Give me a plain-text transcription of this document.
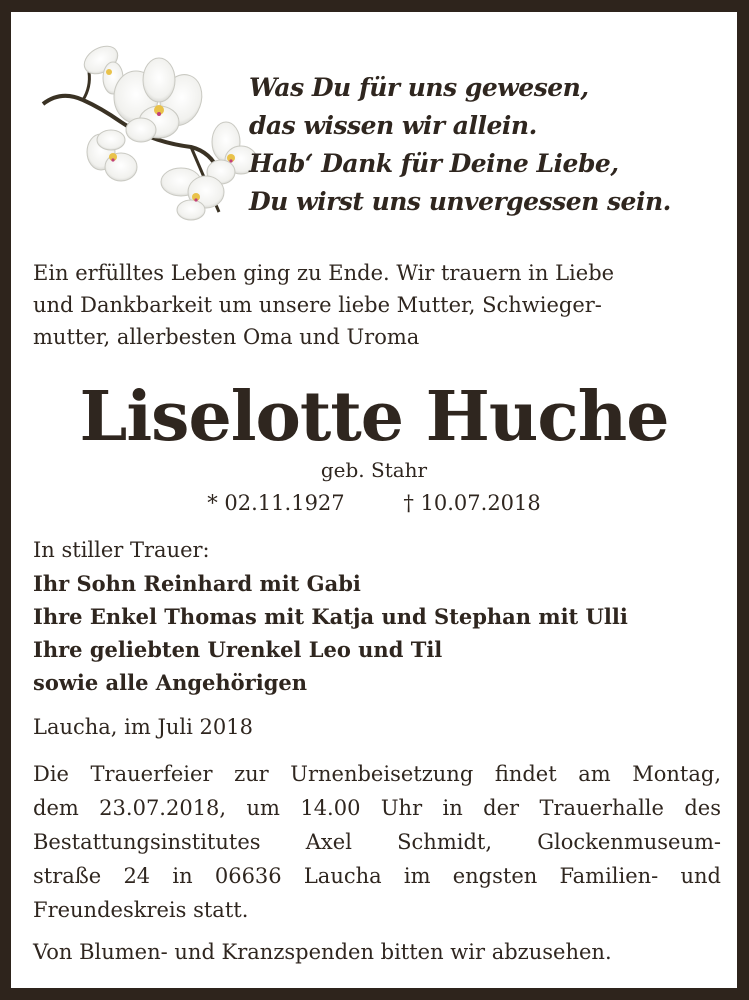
Was Du für uns gewesen,
das wissen wir allein.
Hab‘ Dank für Deine Liebe,
Du wirst uns unvergessen sein.
Ein erfülltes Leben ging zu Ende. Wir trauern in Liebe
und Dankbarkeit um unsere liebe Mutter, Schwieger-
mutter, allerbesten Oma und Uroma
Liselotte Huche
geb. Stahr
* 02.11.1927	† 10.07.2018
In stiller Trauer:
Ihr Sohn Reinhard mit Gabi
Ihre Enkel Thomas mit Katja und Stephan mit Ulli
Ihre geliebten Urenkel Leo und Til
sowie alle Angehörigen
Laucha, im Juli 2018
Die Trauerfeier zur Urnenbeisetzung findet am Montag,
dem 23.07.2018, um 14.00 Uhr in der Trauerhalle des
Bestattungsinstitutes Axel Schmidt, Glockenmuseum-
straße 24 in 06636 Laucha im engsten Familien- und
Freundeskreis statt.
Von Blumen- und Kranzspenden bitten wir abzusehen.
